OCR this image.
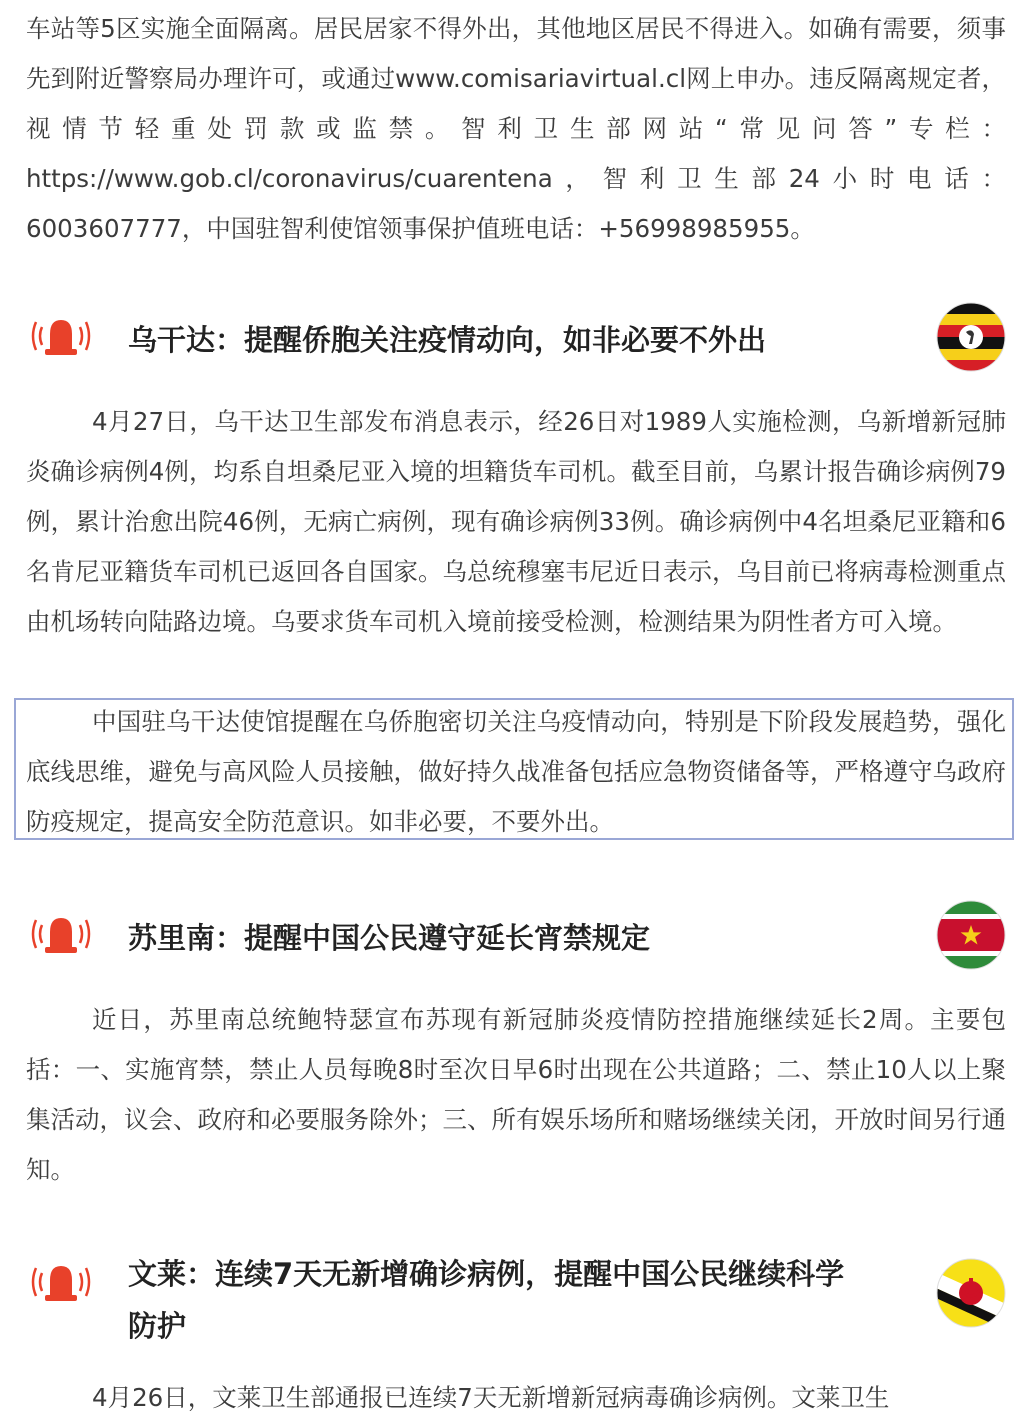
车站等5区实施全面隔离。居民居家不得外出，其他地区居民不得进入。如确有需要，须事先到附近警察局办理许可，或通过www.comisariavirtual.cl网上申办。违反隔离规定者，视情节轻重处罚款或监禁。智利卫生部网站“常见问答”专栏：https://www.gob.cl/coronavirus/cuarentena，智利卫生部24小时电话：6003607777，中国驻智利使馆领事保护值班电话：+56998985955。

乌干达：提醒侨胞关注疫情动向，如非必要不外出

4月27日，乌干达卫生部发布消息表示，经26日对1989人实施检测，乌新增新冠肺炎确诊病例4例，均系自坦桑尼亚入境的坦籍货车司机。截至目前，乌累计报告确诊病例79例，累计治愈出院46例，无病亡病例，现有确诊病例33例。确诊病例中4名坦桑尼亚籍和6名肯尼亚籍货车司机已返回各自国家。乌总统穆塞韦尼近日表示，乌目前已将病毒检测重点由机场转向陆路边境。乌要求货车司机入境前接受检测，检测结果为阴性者方可入境。

中国驻乌干达使馆提醒在乌侨胞密切关注乌疫情动向，特别是下阶段发展趋势，强化底线思维，避免与高风险人员接触，做好持久战准备包括应急物资储备等，严格遵守乌政府防疫规定，提高安全防范意识。如非必要，不要外出。

苏里南：提醒中国公民遵守延长宵禁规定

近日，苏里南总统鲍特瑟宣布苏现有新冠肺炎疫情防控措施继续延长2周。主要包括：一、实施宵禁，禁止人员每晚8时至次日早6时出现在公共道路；二、禁止10人以上聚集活动，议会、政府和必要服务除外；三、所有娱乐场所和赌场继续关闭，开放时间另行通知。

文莱：连续7天无新增确诊病例，提醒中国公民继续科学防护

4月26日，文莱卫生部通报已连续7天无新增新冠病毒确诊病例。文莱卫生
